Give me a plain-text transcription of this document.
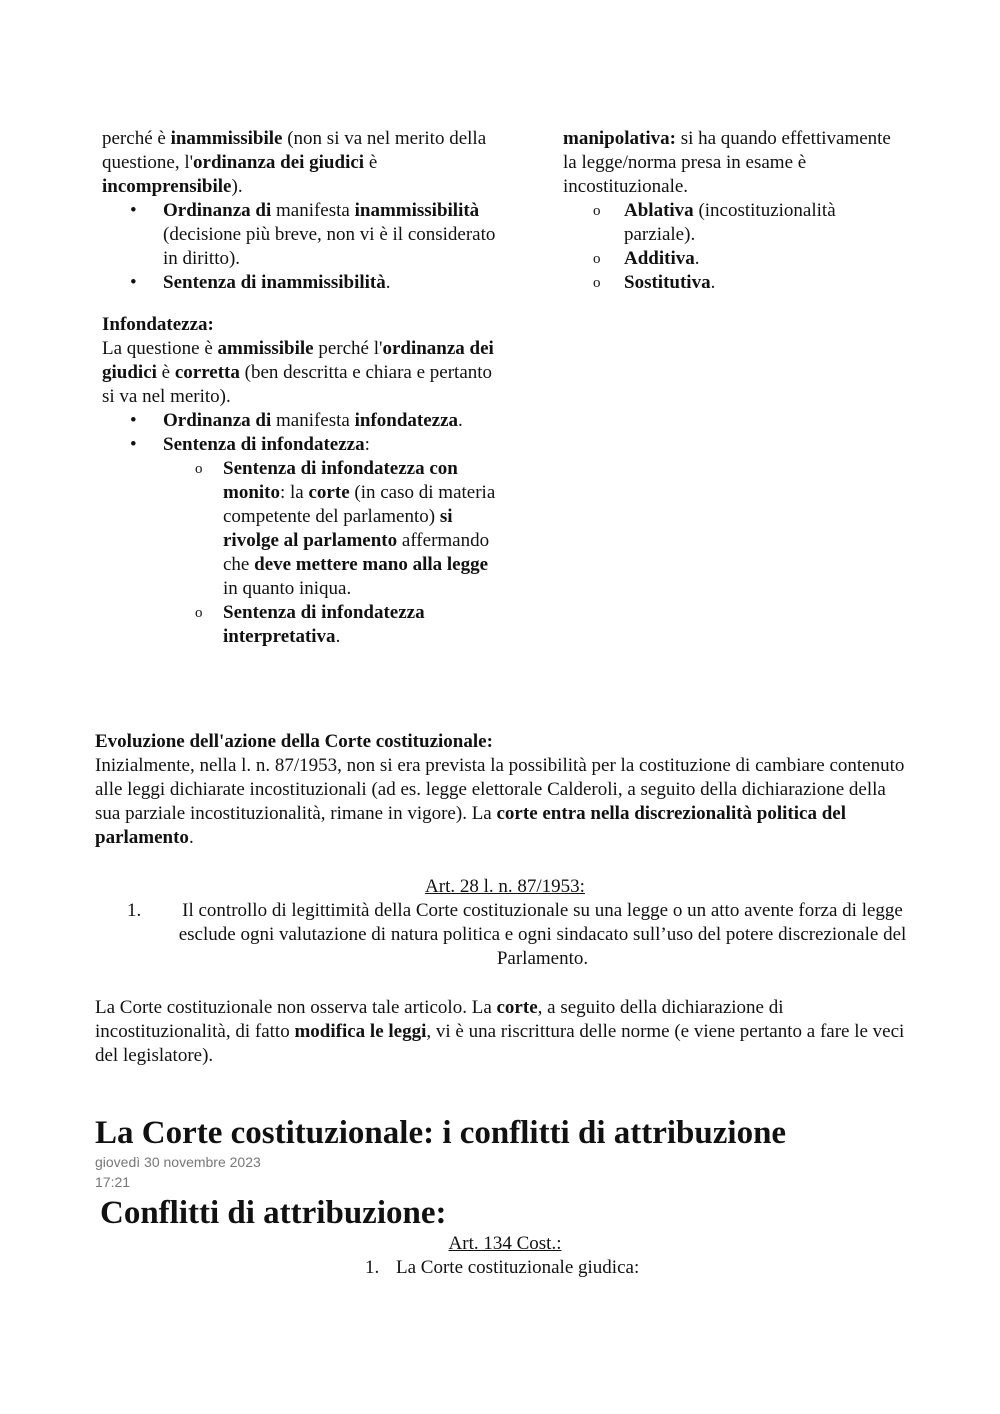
perché è inammissibile (non si va nel merito della questione, l'ordinanza dei giudici è incomprensibile).
• Ordinanza di manifesta inammissibilità (decisione più breve, non vi è il considerato in diritto).
• Sentenza di inammissibilità.
Infondatezza:
La questione è ammissibile perché l'ordinanza dei giudici è corretta (ben descritta e chiara e pertanto si va nel merito).
• Ordinanza di manifesta infondatezza.
• Sentenza di infondatezza:
o Sentenza di infondatezza con monito: la corte (in caso di materia competente del parlamento) si rivolge al parlamento affermando che deve mettere mano alla legge in quanto iniqua.
o Sentenza di infondatezza interpretativa.
manipolativa: si ha quando effettivamente la legge/norma presa in esame è incostituzionale.
o Ablativa (incostituzionalità parziale).
o Additiva.
o Sostitutiva.
Evoluzione dell'azione della Corte costituzionale:
Inizialmente, nella l. n. 87/1953, non si era prevista la possibilità per la costituzione di cambiare contenuto alle leggi dichiarate incostituzionali (ad es. legge elettorale Calderoli, a seguito della dichiarazione della sua parziale incostituzionalità, rimane in vigore). La corte entra nella discrezionalità politica del parlamento.
Art. 28 l. n. 87/1953:
1. Il controllo di legittimità della Corte costituzionale su una legge o un atto avente forza di legge esclude ogni valutazione di natura politica e ogni sindacato sull’uso del potere discrezionale del Parlamento.
La Corte costituzionale non osserva tale articolo. La corte, a seguito della dichiarazione di incostituzionalità, di fatto modifica le leggi, vi è una riscrittura delle norme (e viene pertanto a fare le veci del legislatore).
La Corte costituzionale: i conflitti di attribuzione
giovedì 30 novembre 2023
17:21
Conflitti di attribuzione:
Art. 134 Cost.:
1. La Corte costituzionale giudica:
